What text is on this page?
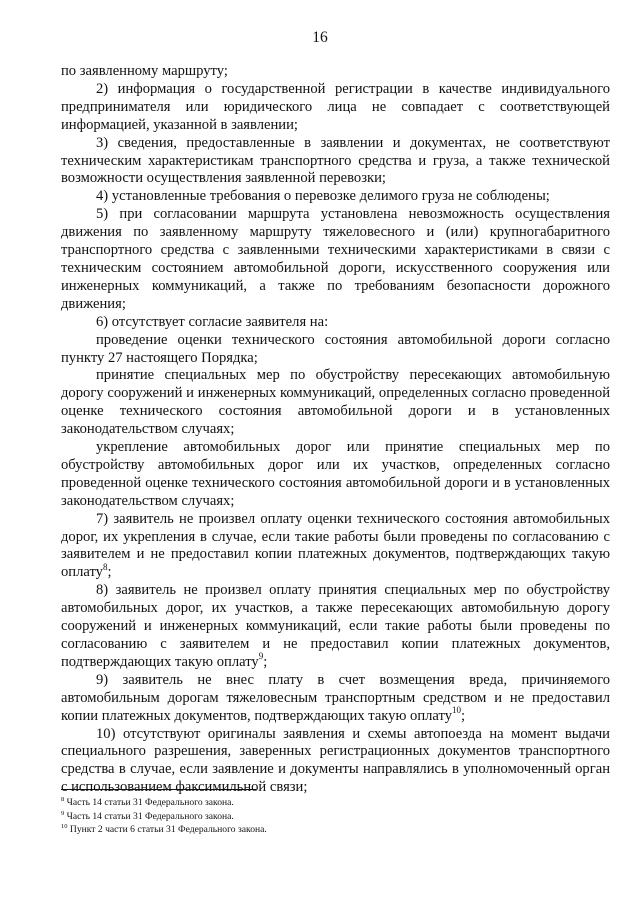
16

по заявленному маршруту;

2) информация о государственной регистрации в качестве индивидуального предпринимателя или юридического лица не совпадает с соответствующей информацией, указанной в заявлении;

3) сведения, предоставленные в заявлении и документах, не соответствуют техническим характеристикам транспортного средства и груза, а также технической возможности осуществления заявленной перевозки;

4) установленные требования о перевозке делимого груза не соблюдены;

5) при согласовании маршрута установлена невозможность осуществления движения по заявленному маршруту тяжеловесного и (или) крупногабаритного транспортного средства с заявленными техническими характеристиками в связи с техническим состоянием автомобильной дороги, искусственного сооружения или инженерных коммуникаций, а также по требованиям безопасности дорожного движения;

6) отсутствует согласие заявителя на:

проведение оценки технического состояния автомобильной дороги согласно пункту 27 настоящего Порядка;

принятие специальных мер по обустройству пересекающих автомобильную дорогу сооружений и инженерных коммуникаций, определенных согласно проведенной оценке технического состояния автомобильной дороги и в установленных законодательством случаях;

укрепление автомобильных дорог или принятие специальных мер по обустройству автомобильных дорог или их участков, определенных согласно проведенной оценке технического состояния автомобильной дороги и в установленных законодательством случаях;

7) заявитель не произвел оплату оценки технического состояния автомобильных дорог, их укрепления в случае, если такие работы были проведены по согласованию с заявителем и не предоставил копии платежных документов, подтверждающих такую оплату$^8$;

8) заявитель не произвел оплату принятия специальных мер по обустройству автомобильных дорог, их участков, а также пересекающих автомобильную дорогу сооружений и инженерных коммуникаций, если такие работы были проведены по согласованию с заявителем и не предоставил копии платежных документов, подтверждающих такую оплату$^9$;

9) заявитель не внес плату в счет возмещения вреда, причиняемого автомобильным дорогам тяжеловесным транспортным средством и не предоставил копии платежных документов, подтверждающих такую оплату$^{10}$;

10) отсутствуют оригиналы заявления и схемы автопоезда на момент выдачи специального разрешения, заверенных регистрационных документов транспортного средства в случае, если заявление и документы направлялись в уполномоченный орган с использованием факсимильной связи;

$^8$ Часть 14 статьи 31 Федерального закона.
$^9$ Часть 14 статьи 31 Федерального закона.
$^{10}$ Пункт 2 части 6 статьи 31 Федерального закона.
